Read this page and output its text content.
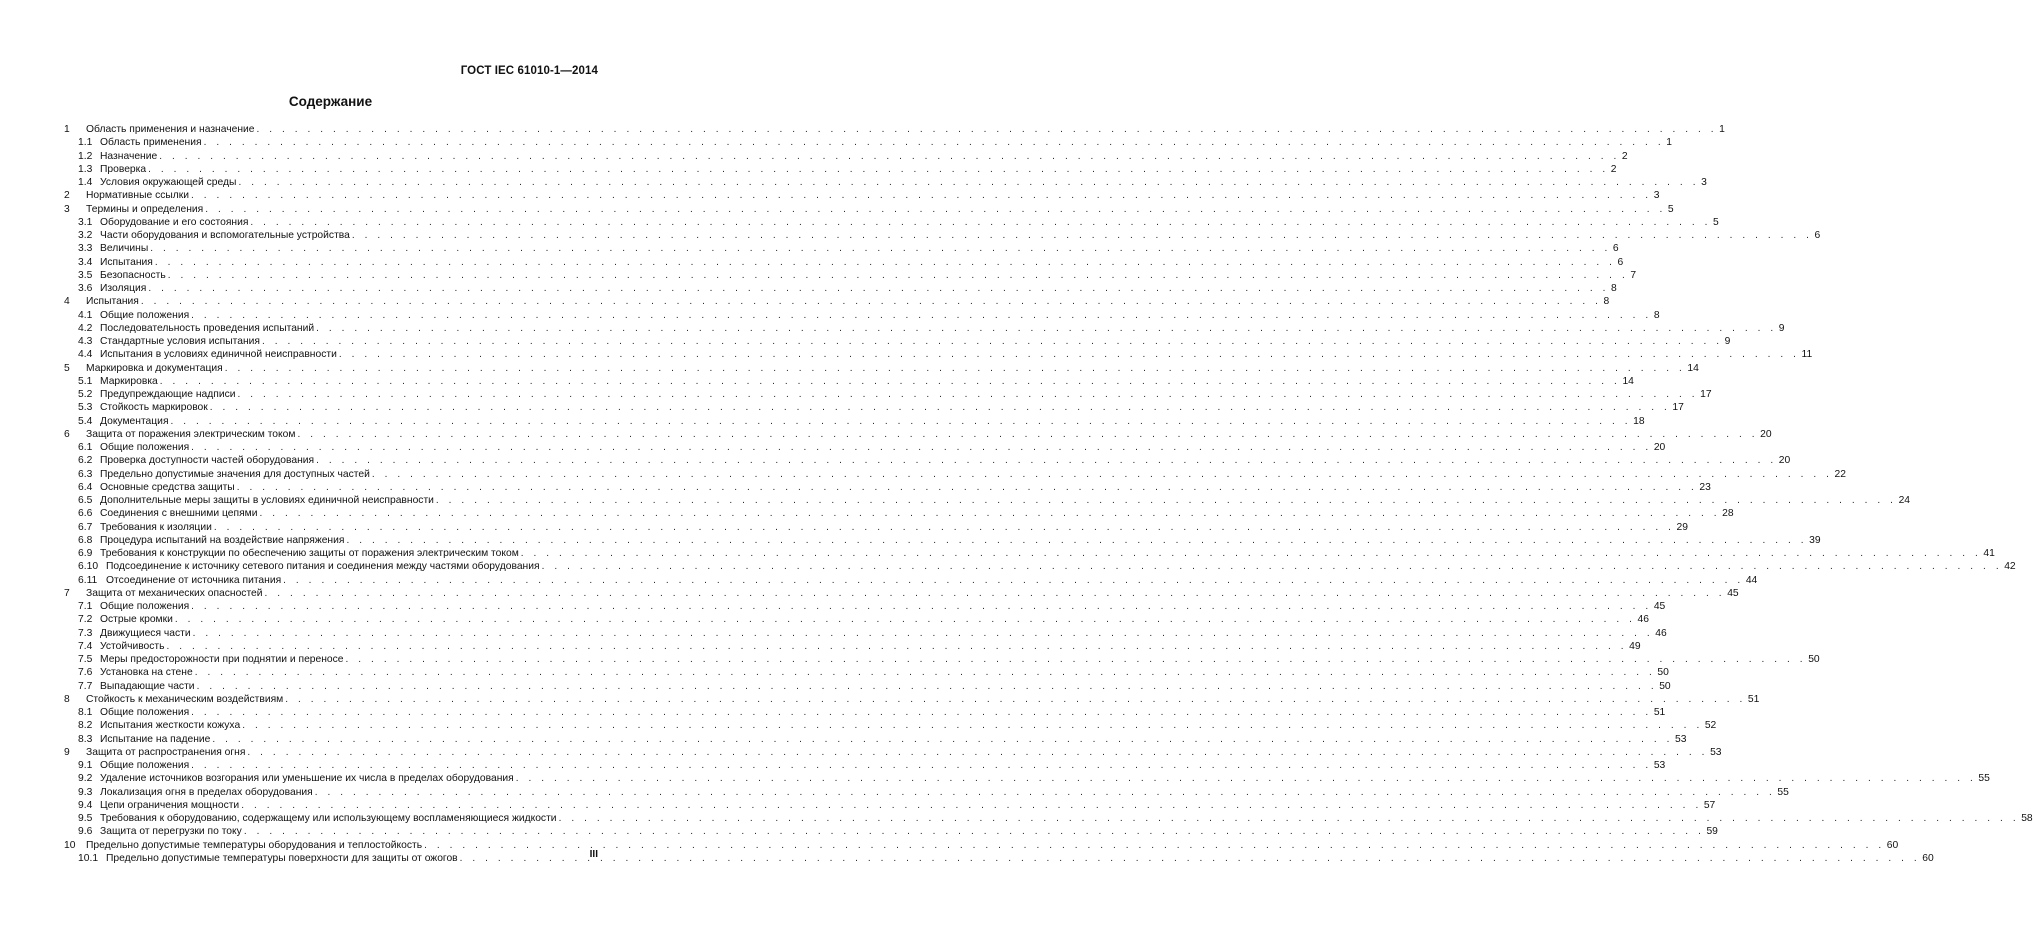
ГОСТ IEC 61010-1—2014
Содержание
1	Область применения и назначение . . .	1
1.1 Область применения . . .	1
1.2 Назначение . . .	2
1.3 Проверка . . .	2
1.4 Условия окружающей среды . . .	3
2	Нормативные ссылки . . .	3
3	Термины и определения . . .	5
3.1 Оборудование и его состояния . . .	5
3.2 Части оборудования и вспомогательные устройства . . .	6
3.3 Величины . . .	6
3.4 Испытания . . .	6
3.5 Безопасность . . .	7
3.6 Изоляция . . .	8
4	Испытания . . .	8
4.1 Общие положения . . .	8
4.2 Последовательность проведения испытаний . . .	9
4.3 Стандартные условия испытания . . .	9
4.4 Испытания в условиях единичной неисправности . . .	11
5	Маркировка и документация . . .	14
5.1 Маркировка . . .	14
5.2 Предупреждающие надписи . . .	17
5.3 Стойкость маркировок . . .	17
5.4 Документация . . .	18
6	Защита от поражения электрическим током . . .	20
6.1 Общие положения . . .	20
6.2 Проверка доступности частей оборудования . . .	20
6.3 Предельно допустимые значения для доступных частей . . .	22
6.4 Основные средства защиты . . .	23
6.5 Дополнительные меры защиты в условиях единичной неисправности . . .	24
6.6 Соединения с внешними цепями . . .	28
6.7 Требования к изоляции . . .	29
6.8 Процедура испытаний на воздействие напряжения . . .	39
6.9 Требования к конструкции по обеспечению защиты от поражения электрическим током . . .	41
6.10 Подсоединение к источнику сетевого питания и соединения между частями оборудования . . .	42
6.11 Отсоединение от источника питания . . .	44
7	Защита от механических опасностей . . .	45
7.1 Общие положения . . .	45
7.2 Острые кромки . . .	46
7.3 Движущиеся части . . .	46
7.4 Устойчивость . . .	49
7.5 Меры предосторожности при поднятии и переносе . . .	50
7.6 Установка на стене . . .	50
7.7 Выпадающие части . . .	50
8	Стойкость к механическим воздействиям . . .	51
8.1 Общие положения . . .	51
8.2 Испытания жесткости кожуха . . .	52
8.3 Испытание на падение . . .	53
9	Защита от распространения огня . . .	53
9.1 Общие положения . . .	53
9.2 Удаление источников возгорания или уменьшение их числа в пределах оборудования . . .	55
9.3 Локализация огня в пределах оборудования . . .	55
9.4 Цепи ограничения мощности . . .	57
9.5 Требования к оборудованию, содержащему или использующему воспламеняющиеся жидкости . . .	58
9.6 Защита от перегрузки по току . . .	59
10	Предельно допустимые температуры оборудования и теплостойкость . . .	60
10.1 Предельно допустимые температуры поверхности для защиты от ожогов . . .	60
III
